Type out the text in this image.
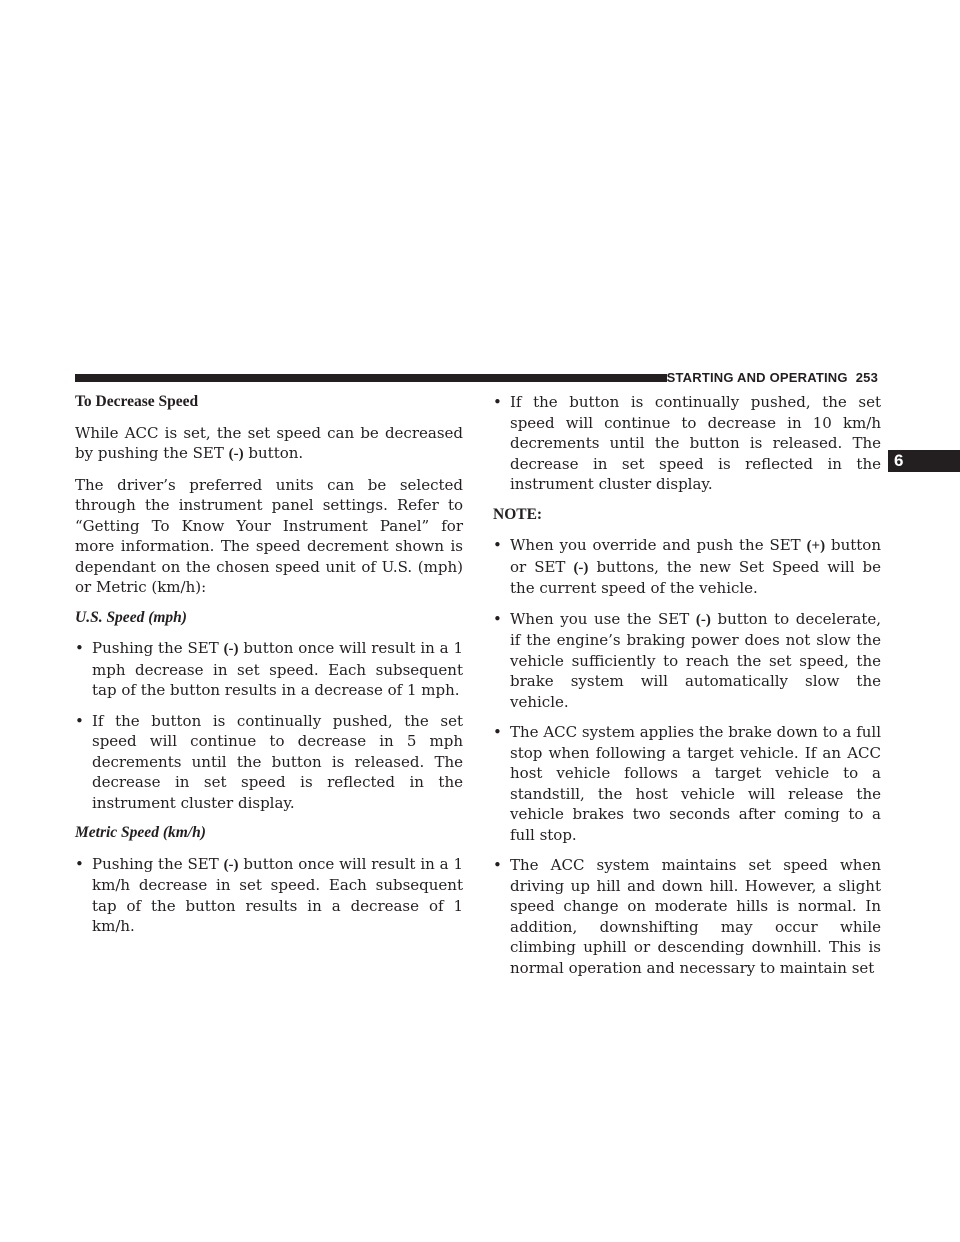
STARTING AND OPERATING 253
6

To Decrease Speed

While ACC is set, the set speed can be decreased by pushing the SET (-) button.

The driver’s preferred units can be selected through the instrument panel settings. Refer to “Getting To Know Your Instrument Panel” for more information. The speed decrement shown is dependant on the chosen speed unit of U.S. (mph) or Metric (km/h):

U.S. Speed (mph)

• Pushing the SET (-) button once will result in a 1 mph decrease in set speed. Each subsequent tap of the button results in a decrease of 1 mph.
• If the button is continually pushed, the set speed will continue to decrease in 5 mph decrements until the button is released. The decrease in set speed is reflected in the instrument cluster display.

Metric Speed (km/h)

• Pushing the SET (-) button once will result in a 1 km/h decrease in set speed. Each subsequent tap of the button results in a decrease of 1 km/h.
• If the button is continually pushed, the set speed will continue to decrease in 10 km/h decrements until the button is released. The decrease in set speed is reflected in the instrument cluster display.

NOTE:

• When you override and push the SET (+) button or SET (-) buttons, the new Set Speed will be the current speed of the vehicle.
• When you use the SET (-) button to decelerate, if the engine’s braking power does not slow the vehicle sufficiently to reach the set speed, the brake system will automatically slow the vehicle.
• The ACC system applies the brake down to a full stop when following a target vehicle. If an ACC host vehicle follows a target vehicle to a standstill, the host vehicle will release the vehicle brakes two seconds after coming to a full stop.
• The ACC system maintains set speed when driving up hill and down hill. However, a slight speed change on moderate hills is normal. In addition, downshifting may occur while climbing uphill or descending downhill. This is normal operation and necessary to maintain set
